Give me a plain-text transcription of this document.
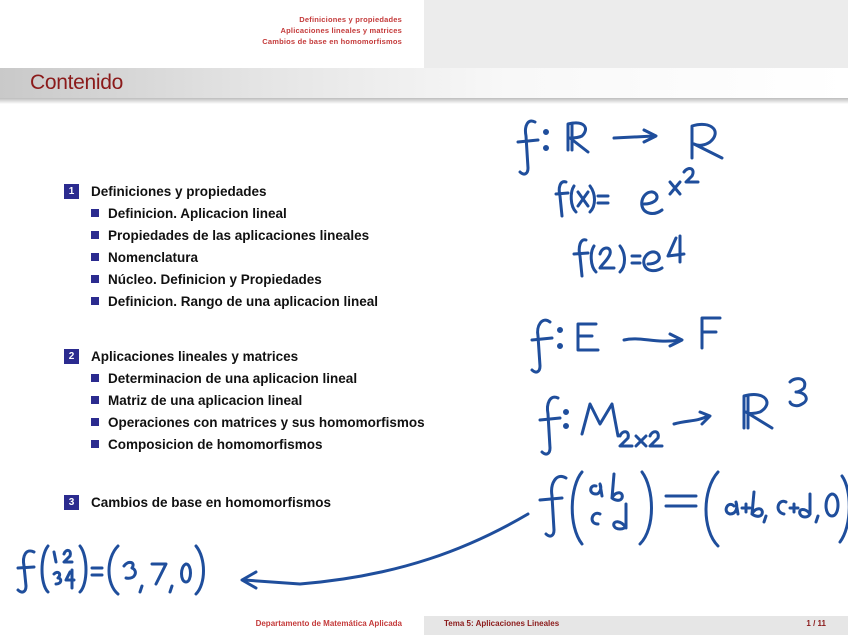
Definiciones y propiedades
Aplicaciones lineales y matrices
Cambios de base en homomorfismos
Contenido
1	Definiciones y propiedades
Definicion. Aplicacion lineal
Propiedades de las aplicaciones lineales
Nomenclatura
Núcleo. Definicion y Propiedades
Definicion. Rango de una aplicacion lineal
2	Aplicaciones lineales y matrices
Determinacion de una aplicacion lineal
Matriz de una aplicacion lineal
Operaciones con matrices y sus homomorfismos
Composicion de homomorfismos
3	Cambios de base en homomorfismos
Departamento de Matemática Aplicada	Tema 5: Aplicaciones Lineales	1 / 11
